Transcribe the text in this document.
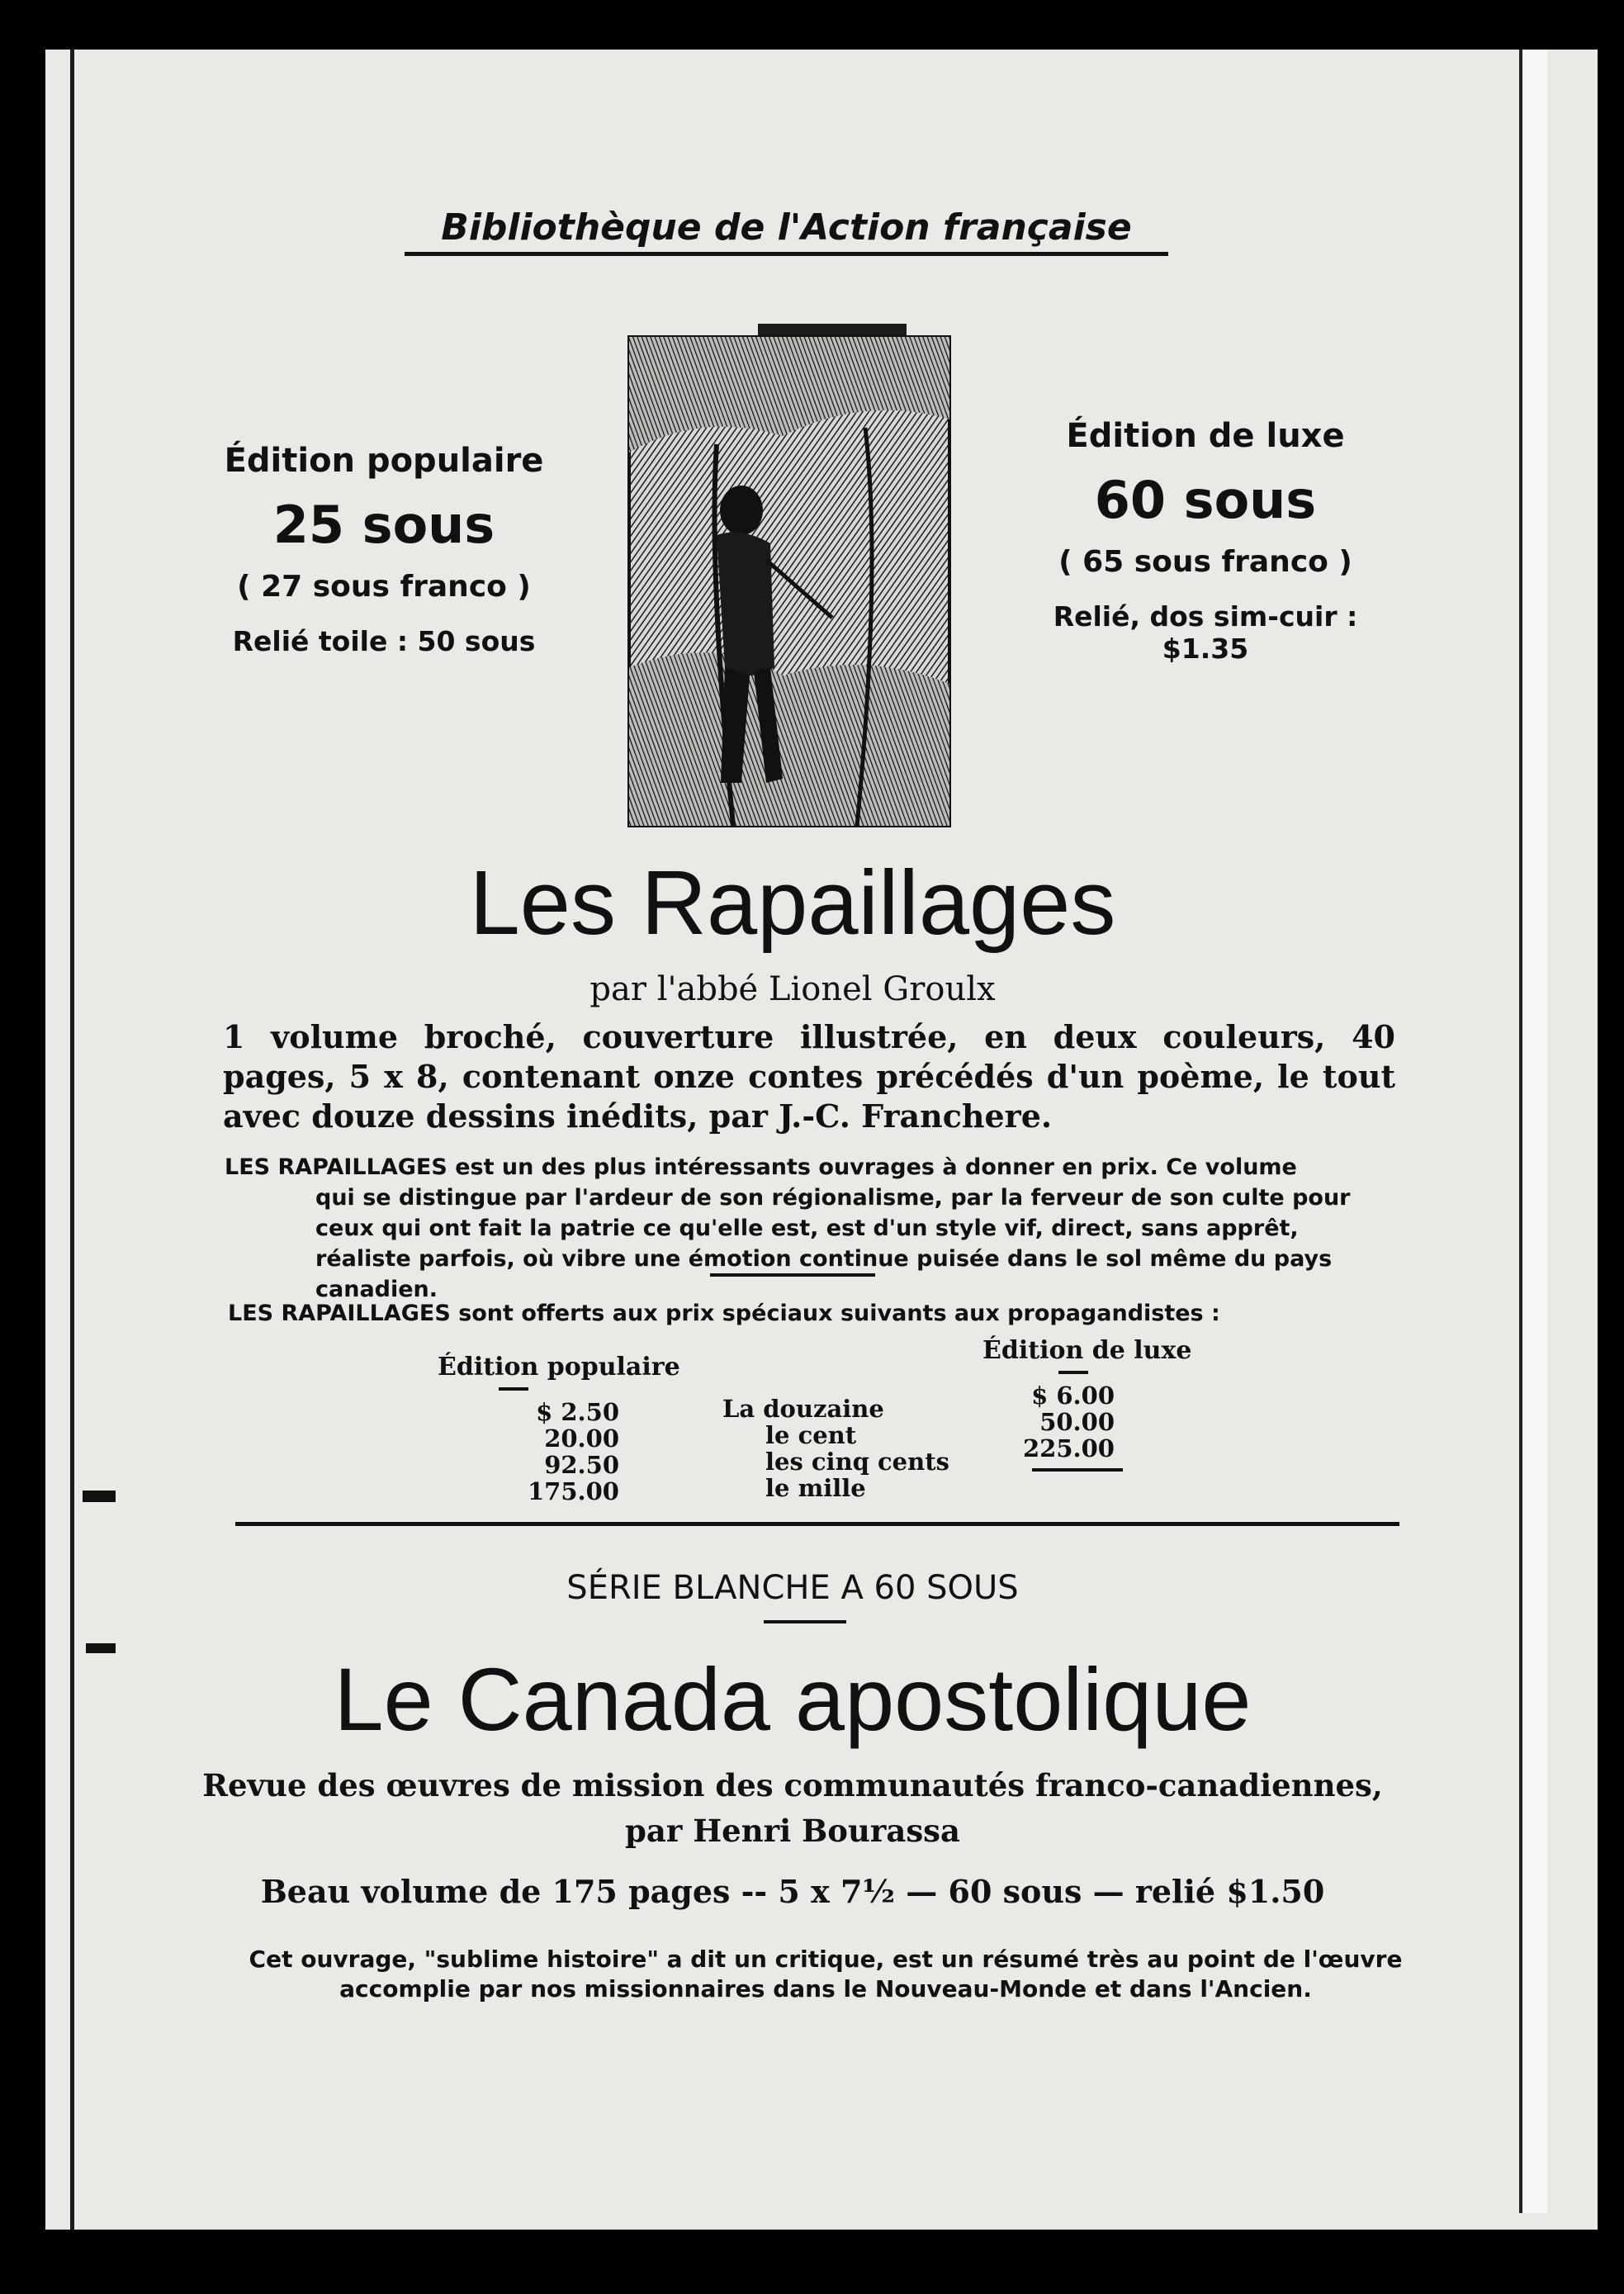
Bibliothèque de l'Action française
Édition populaire
25 sous
( 27 sous franco )
Relié toile : 50 sous
Édition de luxe
60 sous
( 65 sous franco )
Relié, dos sim-cuir : $1.35
Les Rapaillages
par l'abbé Lionel Groulx
1 volume broché, couverture illustrée, en deux couleurs, 40 pages, 5 x 8, contenant onze contes précédés d'un poème, le tout avec douze dessins inédits, par J.-C. Franchere.
LES RAPAILLAGES est un des plus intéressants ouvrages à donner en prix. Ce volume
qui se distingue par l'ardeur de son régionalisme, par la ferveur de son culte pour ceux qui ont fait la patrie ce qu'elle est, est d'un style vif, direct, sans apprêt, réaliste parfois, où vibre une émotion continue puisée dans le sol même du pays canadien.
LES RAPAILLAGES sont offerts aux prix spéciaux suivants aux propagandistes :
Édition populaire
$ 2.50
20.00
92.50
175.00
La douzaine
le cent
les cinq cents
le mille
Édition de luxe
$ 6.00
50.00
225.00
SÉRIE BLANCHE A 60 SOUS
Le Canada apostolique
Revue des œuvres de mission des communautés franco-canadiennes,
par Henri Bourassa
Beau volume de 175 pages -- 5 x 7½ — 60 sous — relié $1.50
Cet ouvrage, "sublime histoire" a dit un critique, est un résumé très au point de l'œuvre accomplie par nos missionnaires dans le Nouveau-Monde et dans l'Ancien.
